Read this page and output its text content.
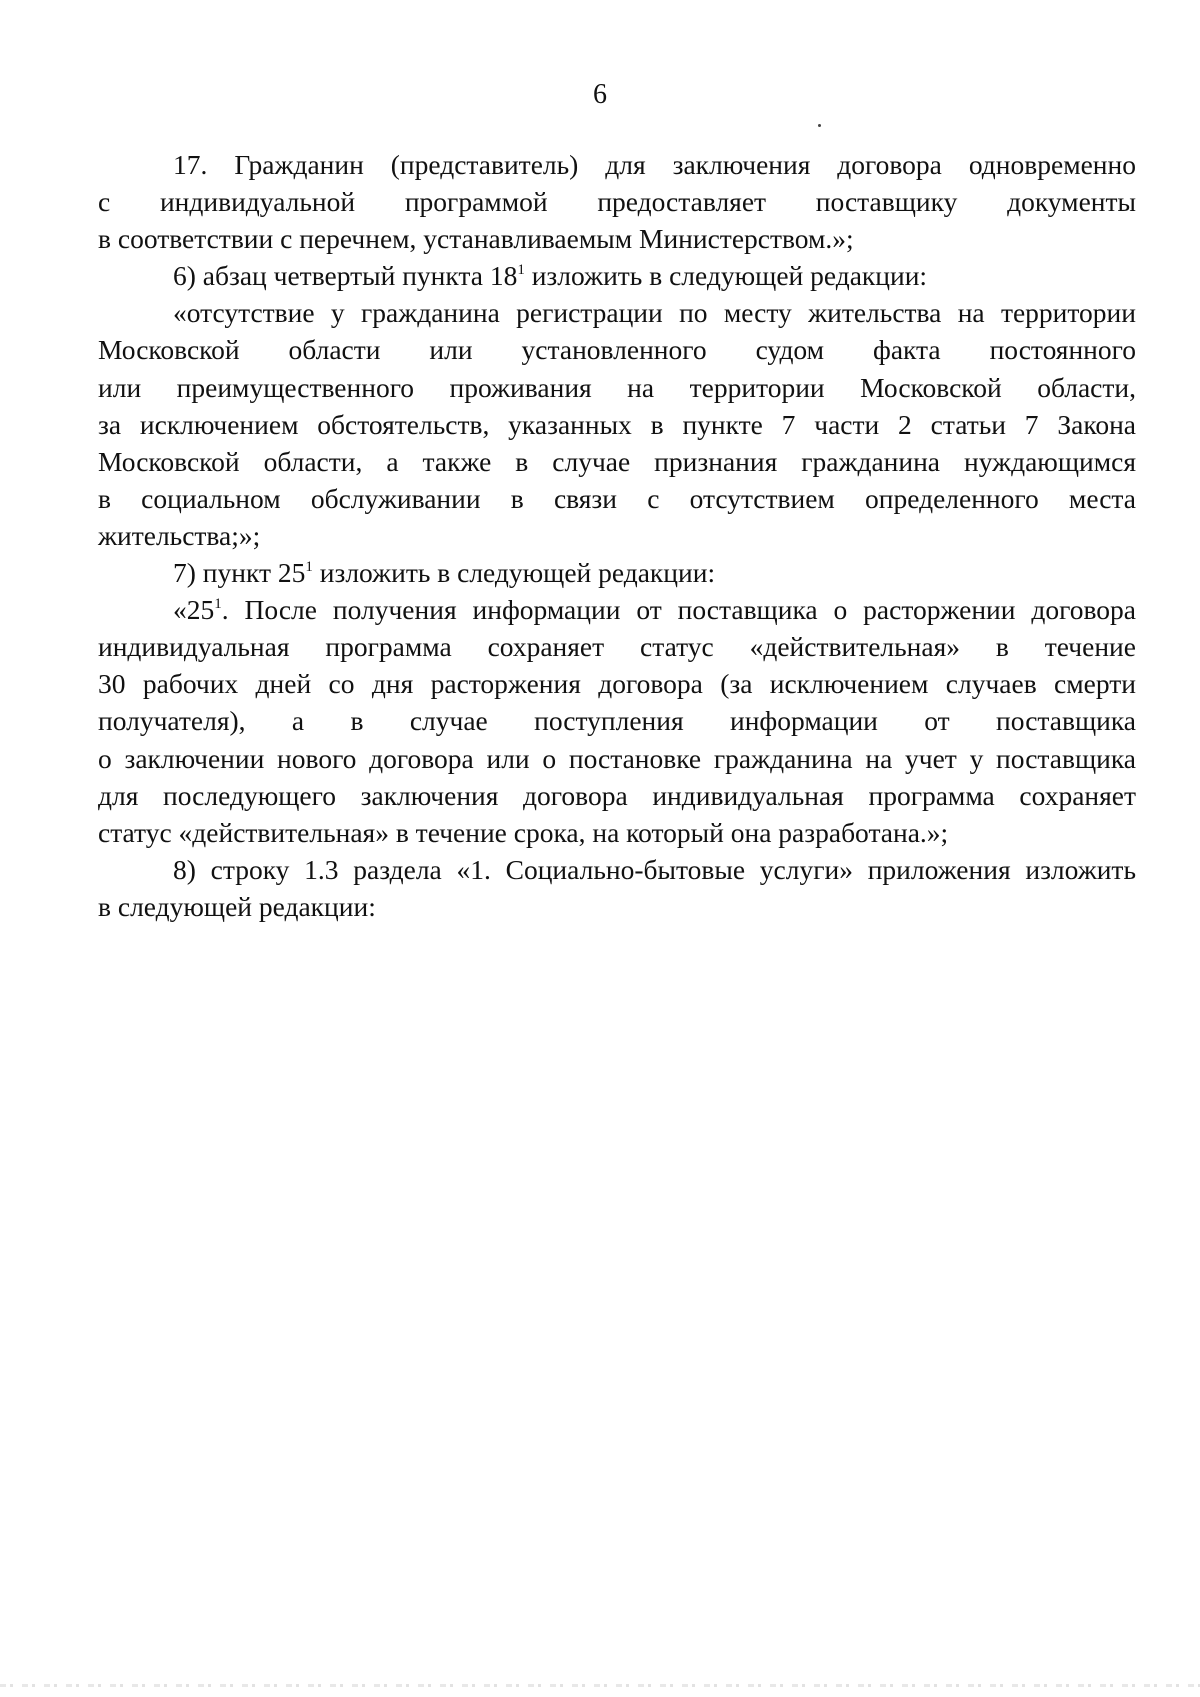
6
17. Гражданин (представитель) для заключения договора одновременно
с индивидуальной программой предоставляет поставщику документы
в соответствии с перечнем, устанавливаемым Министерством.»;
6) абзац четвертый пункта $18^1$ изложить в следующей редакции:
«отсутствие у гражданина регистрации по месту жительства на территории
Московской области или установленного судом факта постоянного
или преимущественного проживания на территории Московской области,
за исключением обстоятельств, указанных в пункте 7 части 2 статьи 7 Закона
Московской области, а также в случае признания гражданина нуждающимся
в социальном обслуживании в связи с отсутствием определенного места
жительства;»;
7) пункт $25^1$ изложить в следующей редакции:
«$25^1$. После получения информации от поставщика о расторжении договора
индивидуальная программа сохраняет статус «действительная» в течение
30 рабочих дней со дня расторжения договора (за исключением случаев смерти
получателя), а в случае поступления информации от поставщика
о заключении нового договора или о постановке гражданина на учет у поставщика
для последующего заключения договора индивидуальная программа сохраняет
статус «действительная» в течение срока, на который она разработана.»;
8) строку 1.3 раздела «1. Социально-бытовые услуги» приложения изложить
в следующей редакции:
